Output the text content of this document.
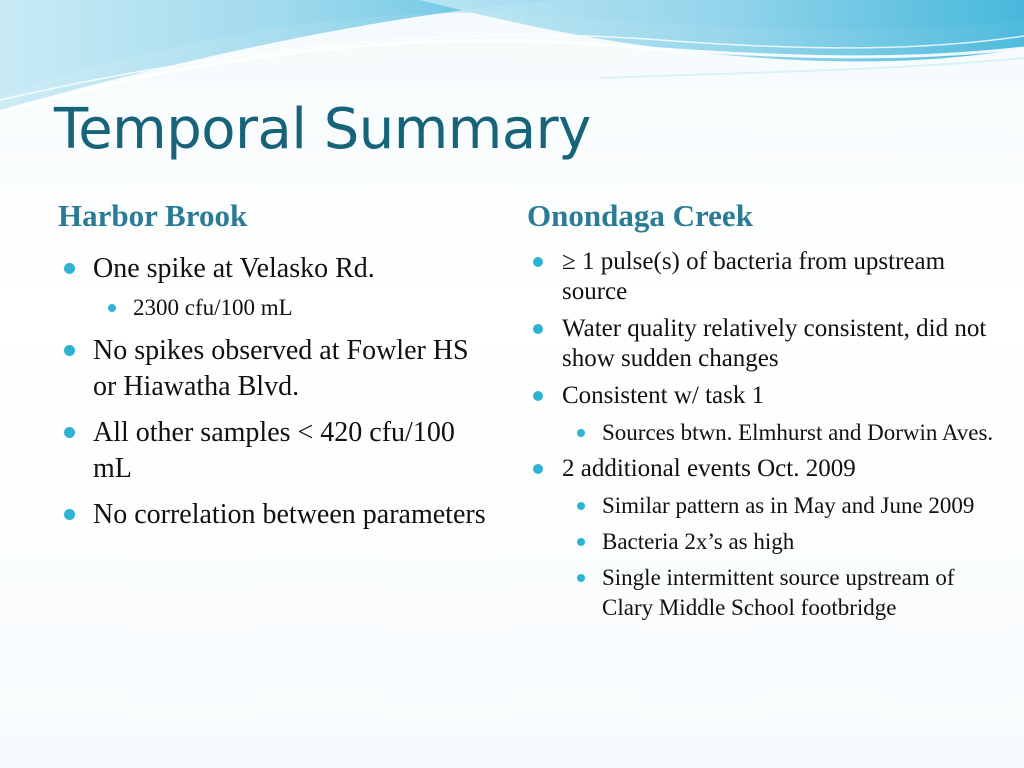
Temporal Summary
Harbor Brook	Onondaga Creek
One spike at Velasko Rd.
2300 cfu/100 mL
No spikes observed at Fowler HS or Hiawatha Blvd.
All other samples < 420 cfu/100 mL
No correlation between parameters
≥ 1 pulse(s) of bacteria from upstream source
Water quality relatively consistent, did not show sudden changes
Consistent w/ task 1
Sources btwn. Elmhurst and Dorwin Aves.
2 additional events Oct. 2009
Similar pattern as in May and June 2009
Bacteria 2x’s as high
Single intermittent source upstream of Clary Middle School footbridge
